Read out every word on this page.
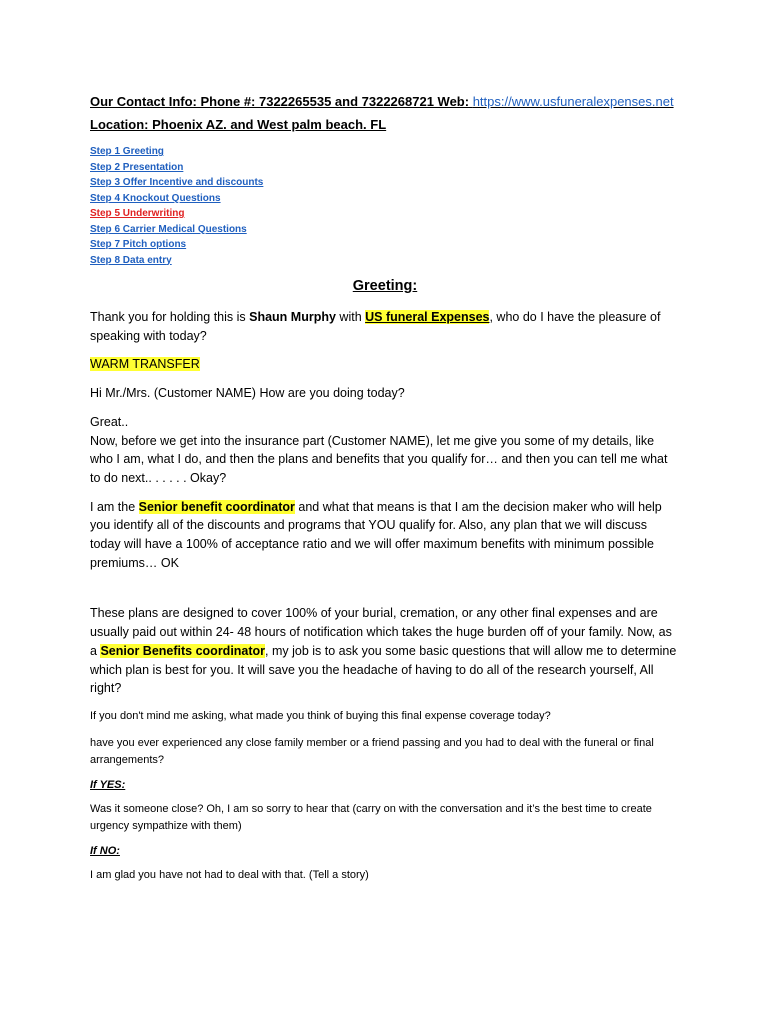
Our Contact Info: Phone #: 7322265535 and 7322268721 Web: https://www.usfuneralexpenses.net
Location: Phoenix AZ. and West palm beach. FL
Step 1 Greeting
Step 2 Presentation
Step 3 Offer Incentive and discounts
Step 4 Knockout Questions
Step 5 Underwriting
Step 6 Carrier Medical Questions
Step 7 Pitch options
Step 8 Data entry
Greeting:
Thank you for holding this is Shaun Murphy with US funeral Expenses, who do I have the pleasure of speaking with today?
WARM TRANSFER
Hi Mr./Mrs. (Customer NAME) How are you doing today?
Great..
Now, before we get into the insurance part (Customer NAME), let me give you some of my details, like who I am, what I do, and then the plans and benefits that you qualify for… and then you can tell me what to do next.. . . . . . Okay?
I am the Senior benefit coordinator and what that means is that I am the decision maker who will help you identify all of the discounts and programs that YOU qualify for. Also, any plan that we will discuss today will have a 100% of acceptance ratio and we will offer maximum benefits with minimum possible premiums… OK
These plans are designed to cover 100% of your burial, cremation, or any other final expenses and are usually paid out within 24- 48 hours of notification which takes the huge burden off of your family. Now, as a Senior Benefits coordinator, my job is to ask you some basic questions that will allow me to determine which plan is best for you. It will save you the headache of having to do all of the research yourself, All right?
If you don't mind me asking, what made you think of buying this final expense coverage today?
have you ever experienced any close family member or a friend passing and you had to deal with the funeral or final arrangements?
If YES:
Was it someone close? Oh, I am so sorry to hear that (carry on with the conversation and it’s the best time to create urgency sympathize with them)
If NO:
I am glad you have not had to deal with that. (Tell a story)
